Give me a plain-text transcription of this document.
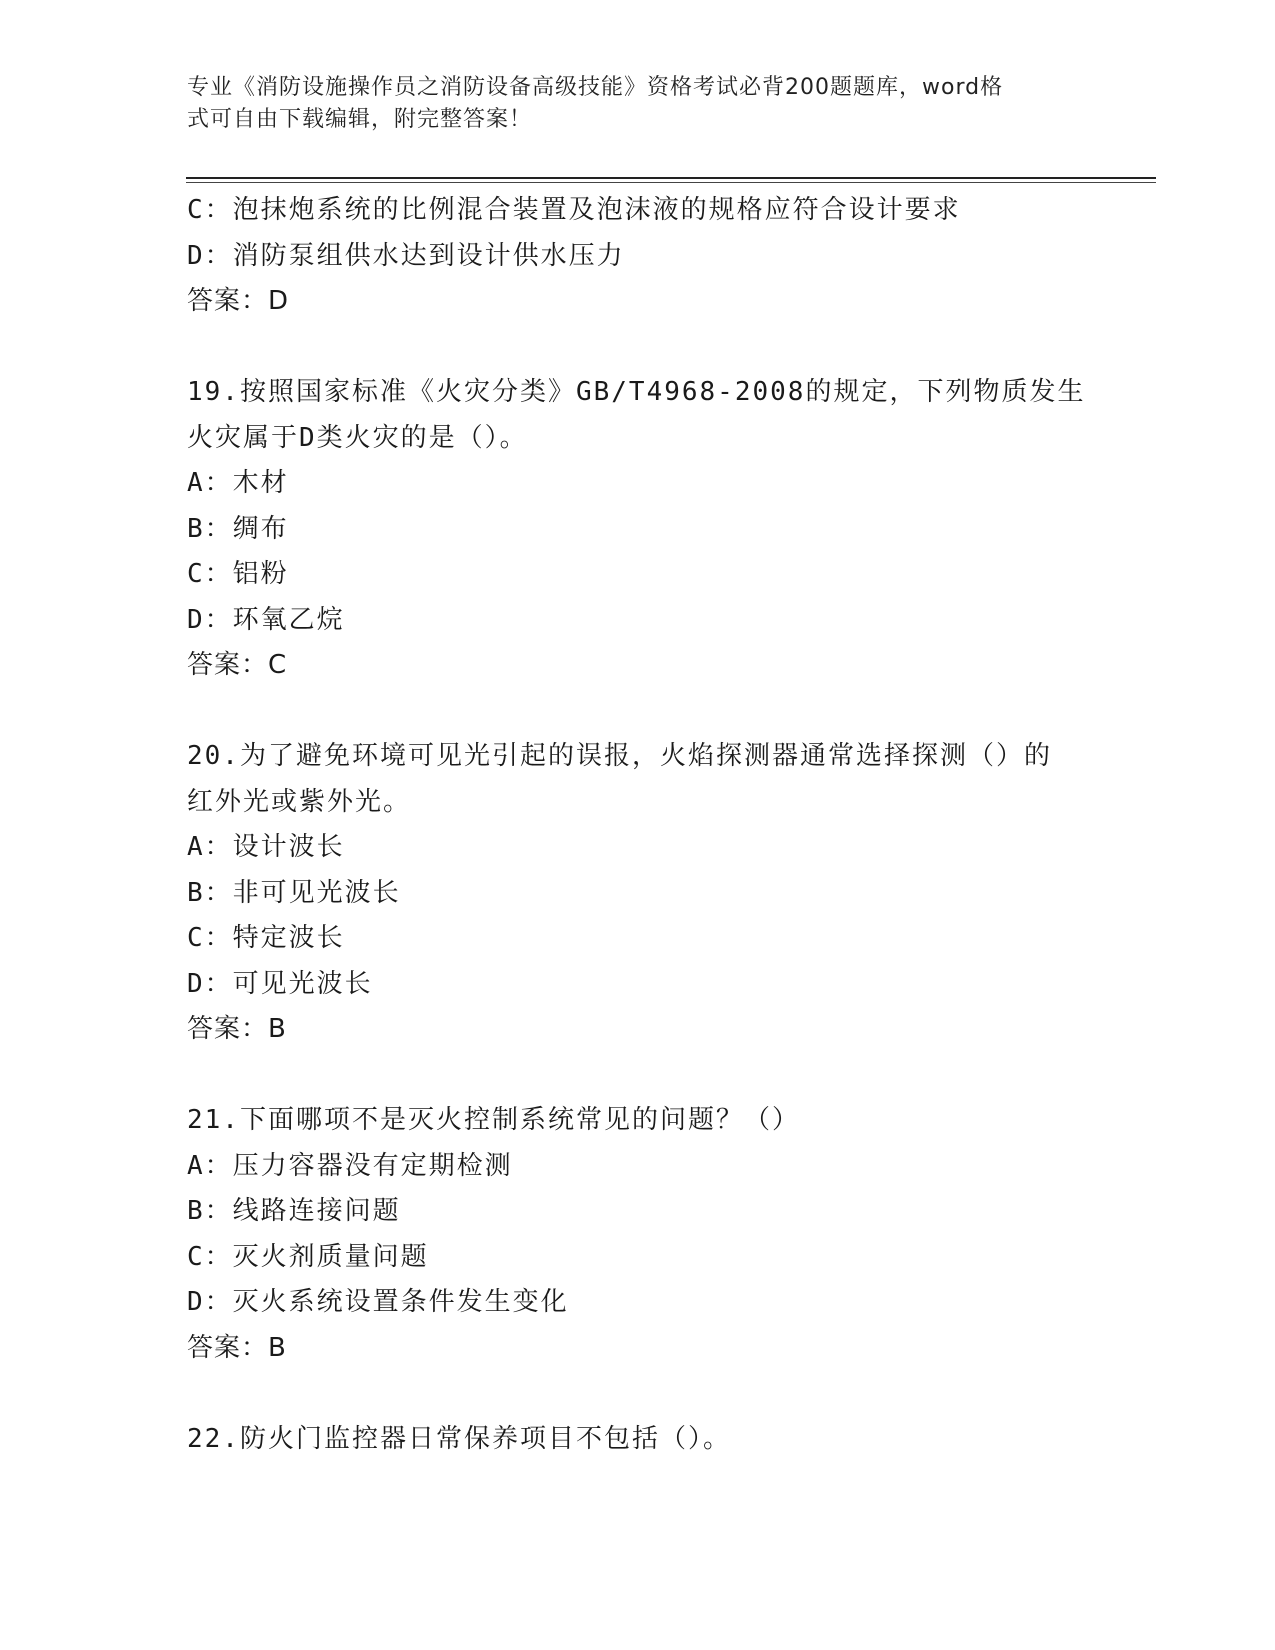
专业《消防设施操作员之消防设备高级技能》资格考试必背200题题库，word格
式可自由下载编辑，附完整答案！
C：泡抹炮系统的比例混合装置及泡沫液的规格应符合设计要求
D：消防泵组供水达到设计供水压力
答案：D
19.按照国家标准《火灾分类》GB/T4968-2008的规定，下列物质发生
火灾属于D类火灾的是（）。
A：木材
B：绸布
C：铝粉
D：环氧乙烷
答案：C
20.为了避免环境可见光引起的误报，火焰探测器通常选择探测（）的
红外光或紫外光。
A：设计波长
B：非可见光波长
C：特定波长
D：可见光波长
答案：B
21.下面哪项不是灭火控制系统常见的问题？（）
A：压力容器没有定期检测
B：线路连接问题
C：灭火剂质量问题
D：灭火系统设置条件发生变化
答案：B
22.防火门监控器日常保养项目不包括（）。
